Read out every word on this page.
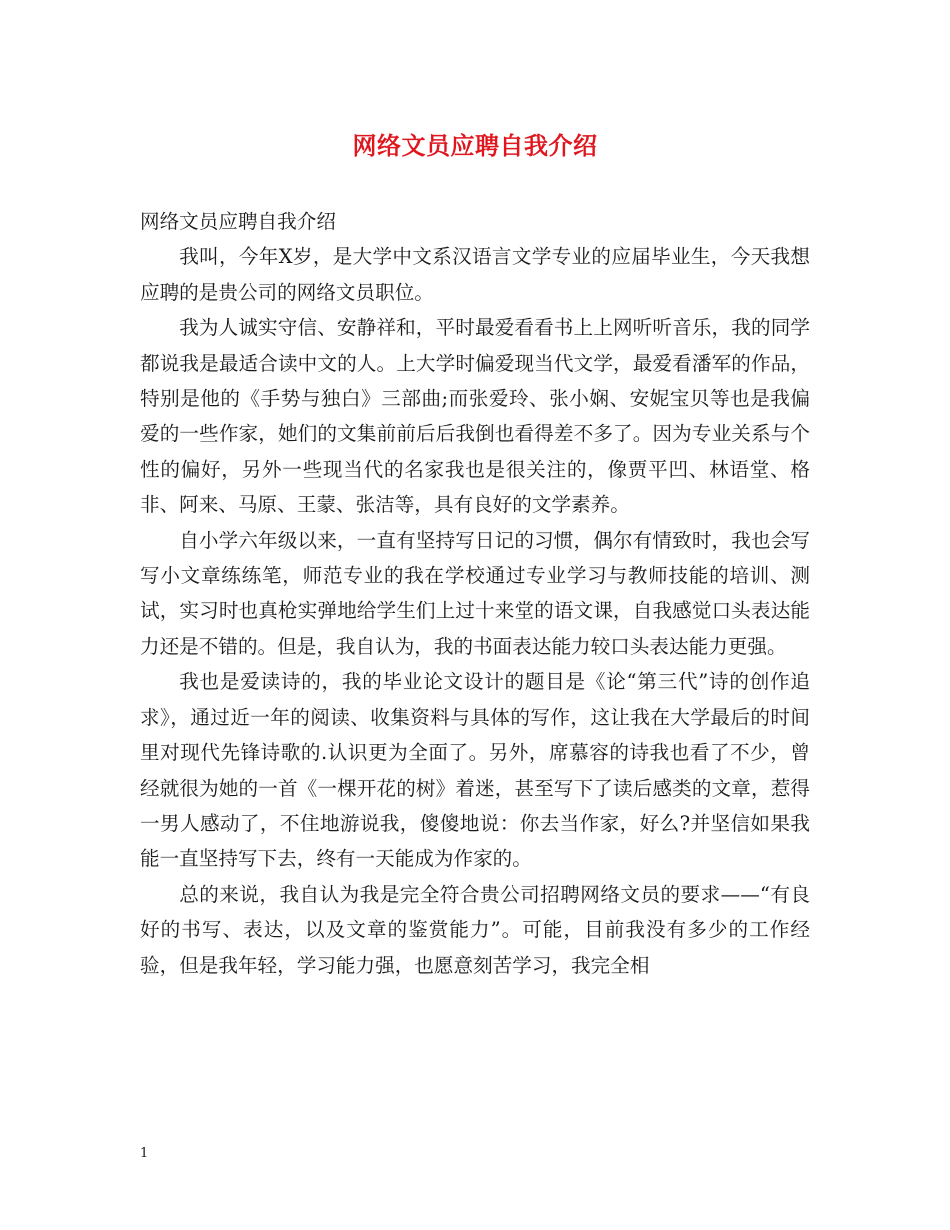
网络文员应聘自我介绍

网络文员应聘自我介绍

我叫，今年X岁，是大学中文系汉语言文学专业的应届毕业生，今天我想应聘的是贵公司的网络文员职位。

我为人诚实守信、安静祥和，平时最爱看看书上上网听听音乐，我的同学都说我是最适合读中文的人。上大学时偏爱现当代文学，最爱看潘军的作品，特别是他的《手势与独白》三部曲;而张爱玲、张小娴、安妮宝贝等也是我偏爱的一些作家，她们的文集前前后后我倒也看得差不多了。因为专业关系与个性的偏好，另外一些现当代的名家我也是很关注的，像贾平凹、林语堂、格非、阿来、马原、王蒙、张洁等，具有良好的文学素养。

自小学六年级以来，一直有坚持写日记的习惯，偶尔有情致时，我也会写写小文章练练笔，师范专业的我在学校通过专业学习与教师技能的培训、测试，实习时也真枪实弹地给学生们上过十来堂的语文课，自我感觉口头表达能力还是不错的。但是，我自认为，我的书面表达能力较口头表达能力更强。

我也是爱读诗的，我的毕业论文设计的题目是《论“第三代”诗的创作追求》，通过近一年的阅读、收集资料与具体的写作，这让我在大学最后的时间里对现代先锋诗歌的.认识更为全面了。另外，席慕容的诗我也看了不少，曾经就很为她的一首《一棵开花的树》着迷，甚至写下了读后感类的文章，惹得一男人感动了，不住地游说我，傻傻地说：你去当作家，好么?并坚信如果我能一直坚持写下去，终有一天能成为作家的。

总的来说，我自认为我是完全符合贵公司招聘网络文员的要求——“有良好的书写、表达，以及文章的鉴赏能力”。可能，目前我没有多少的工作经验，但是我年轻，学习能力强，也愿意刻苦学习，我完全相

1
